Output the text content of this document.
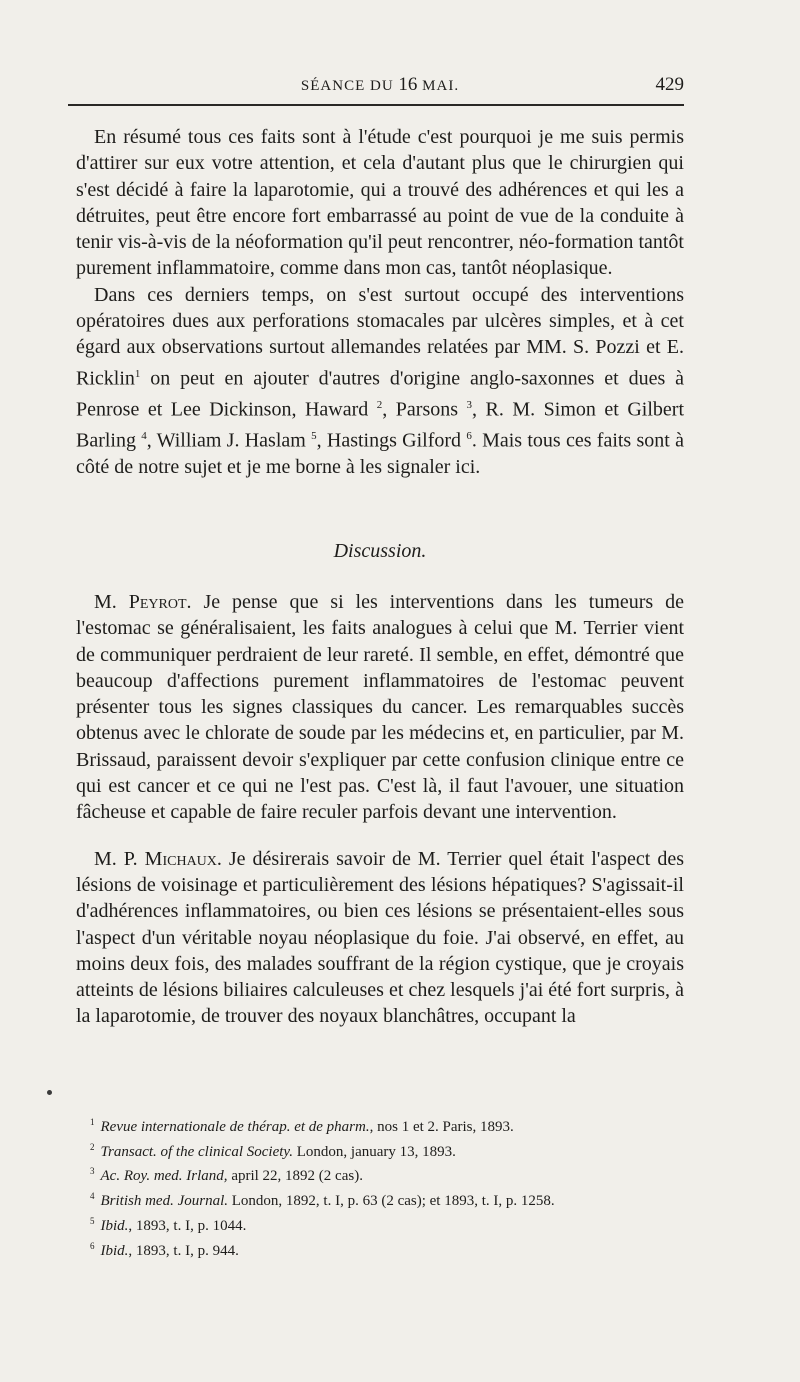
SÉANCE DU 16 MAI.	429

En résumé tous ces faits sont à l'étude c'est pourquoi je me suis permis d'attirer sur eux votre attention, et cela d'autant plus que le chirurgien qui s'est décidé à faire la laparotomie, qui a trouvé des adhérences et qui les a détruites, peut être encore fort embarrassé au point de vue de la conduite à tenir vis-à-vis de la néoformation qu'il peut rencontrer, néo-formation tantôt purement inflammatoire, comme dans mon cas, tantôt néoplasique.

Dans ces derniers temps, on s'est surtout occupé des interventions opératoires dues aux perforations stomacales par ulcères simples, et à cet égard aux observations surtout allemandes relatées par MM. S. Pozzi et E. Ricklin$^1$ on peut en ajouter d'autres d'origine anglo-saxonnes et dues à Penrose et Lee Dickinson, Haward $^2$, Parsons $^3$, R. M. Simon et Gilbert Barling $^4$, William J. Haslam $^5$, Hastings Gilford $^6$. Mais tous ces faits sont à côté de notre sujet et je me borne à les signaler ici.

Discussion.

M. Peyrot. Je pense que si les interventions dans les tumeurs de l'estomac se généralisaient, les faits analogues à celui que M. Terrier vient de communiquer perdraient de leur rareté. Il semble, en effet, démontré que beaucoup d'affections purement inflammatoires de l'estomac peuvent présenter tous les signes classiques du cancer. Les remarquables succès obtenus avec le chlorate de soude par les médecins et, en particulier, par M. Brissaud, paraissent devoir s'expliquer par cette confusion clinique entre ce qui est cancer et ce qui ne l'est pas. C'est là, il faut l'avouer, une situation fâcheuse et capable de faire reculer parfois devant une intervention.

M. P. Michaux. Je désirerais savoir de M. Terrier quel était l'aspect des lésions de voisinage et particulièrement des lésions hépatiques? S'agissait-il d'adhérences inflammatoires, ou bien ces lésions se présentaient-elles sous l'aspect d'un véritable noyau néoplasique du foie. J'ai observé, en effet, au moins deux fois, des malades souffrant de la région cystique, que je croyais atteints de lésions biliaires calculeuses et chez lesquels j'ai été fort surpris, à la laparotomie, de trouver des noyaux blanchâtres, occupant la

$^1$ Revue internationale de thérap. et de pharm., nos 1 et 2. Paris, 1893.
$^2$ Transact. of the clinical Society. London, january 13, 1893.
$^3$ Ac. Roy. med. Irland, april 22, 1892 (2 cas).
$^4$ British med. Journal. London, 1892, t. I, p. 63 (2 cas); et 1893, t. I, p. 1258.
$^5$ Ibid., 1893, t. I, p. 1044.
$^6$ Ibid., 1893, t. I, p. 944.
